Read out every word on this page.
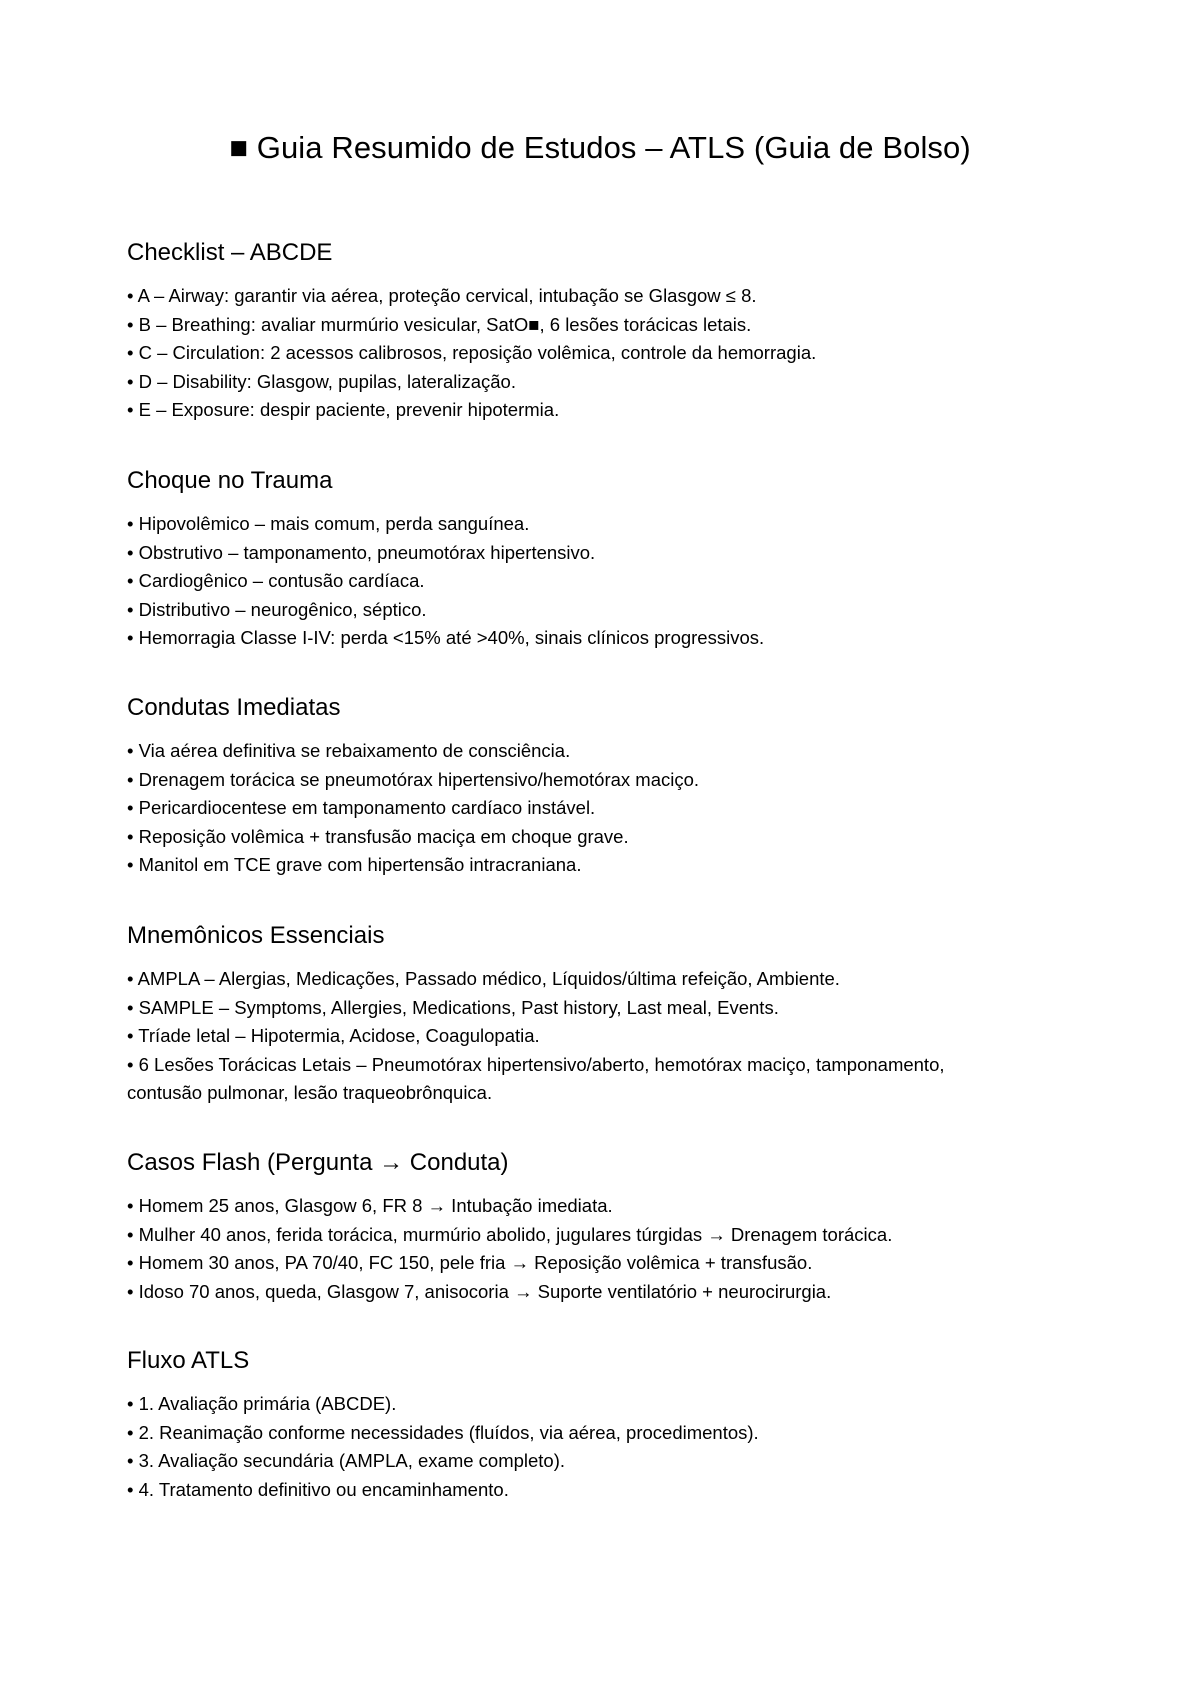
■ Guia Resumido de Estudos – ATLS (Guia de Bolso)
Checklist – ABCDE
• A – Airway: garantir via aérea, proteção cervical, intubação se Glasgow ≤ 8.
• B – Breathing: avaliar murmúrio vesicular, SatO■, 6 lesões torácicas letais.
• C – Circulation: 2 acessos calibrosos, reposição volêmica, controle da hemorragia.
• D – Disability: Glasgow, pupilas, lateralização.
• E – Exposure: despir paciente, prevenir hipotermia.
Choque no Trauma
• Hipovolêmico – mais comum, perda sanguínea.
• Obstrutivo – tamponamento, pneumotórax hipertensivo.
• Cardiogênico – contusão cardíaca.
• Distributivo – neurogênico, séptico.
• Hemorragia Classe I-IV: perda <15% até >40%, sinais clínicos progressivos.
Condutas Imediatas
• Via aérea definitiva se rebaixamento de consciência.
• Drenagem torácica se pneumotórax hipertensivo/hemotórax maciço.
• Pericardiocentese em tamponamento cardíaco instável.
• Reposição volêmica + transfusão maciça em choque grave.
• Manitol em TCE grave com hipertensão intracraniana.
Mnemônicos Essenciais
• AMPLA – Alergias, Medicações, Passado médico, Líquidos/última refeição, Ambiente.
• SAMPLE – Symptoms, Allergies, Medications, Past history, Last meal, Events.
• Tríade letal – Hipotermia, Acidose, Coagulopatia.
• 6 Lesões Torácicas Letais – Pneumotórax hipertensivo/aberto, hemotórax maciço, tamponamento, contusão pulmonar, lesão traqueobrônquica.
Casos Flash (Pergunta → Conduta)
• Homem 25 anos, Glasgow 6, FR 8 → Intubação imediata.
• Mulher 40 anos, ferida torácica, murmúrio abolido, jugulares túrgidas → Drenagem torácica.
• Homem 30 anos, PA 70/40, FC 150, pele fria → Reposição volêmica + transfusão.
• Idoso 70 anos, queda, Glasgow 7, anisocoria → Suporte ventilatório + neurocirurgia.
Fluxo ATLS
• 1. Avaliação primária (ABCDE).
• 2. Reanimação conforme necessidades (fluídos, via aérea, procedimentos).
• 3. Avaliação secundária (AMPLA, exame completo).
• 4. Tratamento definitivo ou encaminhamento.
